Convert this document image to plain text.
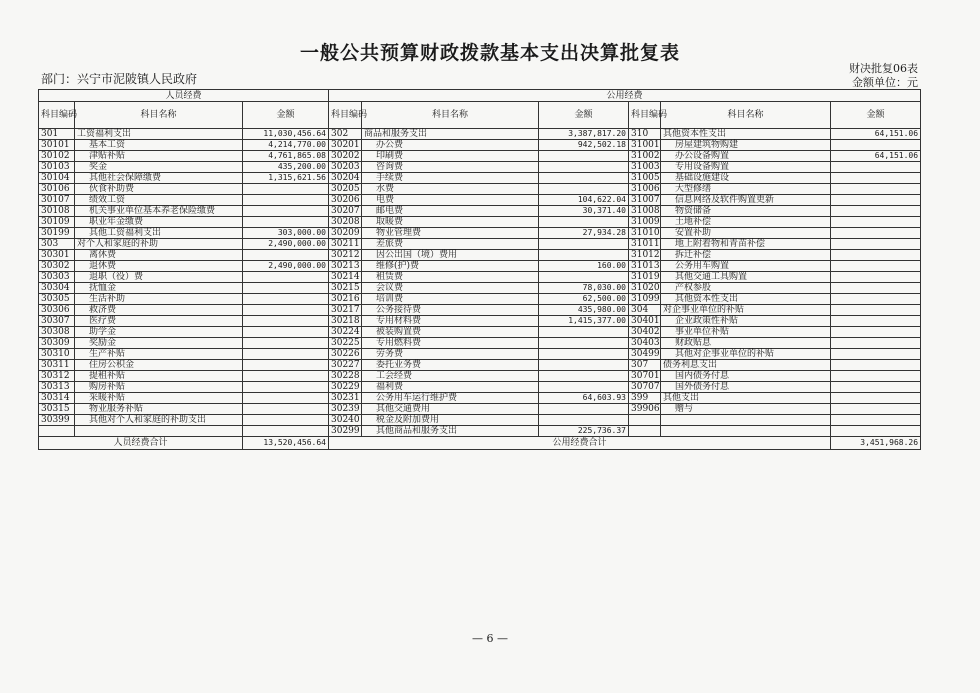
一般公共预算财政拨款基本支出决算批复表
部门：兴宁市泥陂镇人民政府
财决批复06表
金额单位：元
人员经费			公用经费					
科目编码	科目名称	金额	科目编码	科目名称	金额	科目编码	科目名称	金额
301	工资福利支出	11,030,456.64	302	商品和服务支出	3,387,817.20	310	其他资本性支出	64,151.06
30101	基本工资	4,214,770.00	30201	办公费	942,502.18	31001	房屋建筑物购建	
30102	津贴补贴	4,761,865.08	30202	印刷费		31002	办公设备购置	64,151.06
30103	奖金	435,200.00	30203	咨询费		31003	专用设备购置	
30104	其他社会保障缴费	1,315,621.56	30204	手续费		31005	基础设施建设	
30106	伙食补助费		30205	水费		31006	大型修缮	
30107	绩效工资		30206	电费	104,622.04	31007	信息网络及软件购置更新	
30108	机关事业单位基本养老保险缴费		30207	邮电费	30,371.40	31008	物资储备	
30109	职业年金缴费		30208	取暖费		31009	土地补偿	
30199	其他工资福利支出	303,000.00	30209	物业管理费	27,934.28	31010	安置补助	
303	对个人和家庭的补助	2,490,000.00	30211	差旅费		31011	地上附着物和青苗补偿	
30301	离休费		30212	因公出国（境）费用		31012	拆迁补偿	
30302	退休费	2,490,000.00	30213	维修(护)费	160.00	31013	公务用车购置	
30303	退职（役）费		30214	租赁费		31019	其他交通工具购置	
30304	抚恤金		30215	会议费	78,030.00	31020	产权参股	
30305	生活补助		30216	培训费	62,500.00	31099	其他资本性支出	
30306	救济费		30217	公务接待费	435,980.00	304	对企事业单位的补贴	
30307	医疗费		30218	专用材料费	1,415,377.00	30401	企业政策性补贴	
30308	助学金		30224	被装购置费		30402	事业单位补贴	
30309	奖励金		30225	专用燃料费		30403	财政贴息	
30310	生产补贴		30226	劳务费		30499	其他对企事业单位的补贴	
30311	住房公积金		30227	委托业务费		307	债务利息支出	
30312	提租补贴		30228	工会经费		30701	国内债务付息	
30313	购房补贴		30229	福利费		30707	国外债务付息	
30314	采暖补贴		30231	公务用车运行维护费	64,603.93	399	其他支出	
30315	物业服务补贴		30239	其他交通费用		39906	赠与	
30399	其他对个人和家庭的补助支出		30240	税金及附加费用				
			30299	其他商品和服务支出	225,736.37			
人员经费合计		13,520,456.64	公用经费合计					3,451,968.26
— 6 —
